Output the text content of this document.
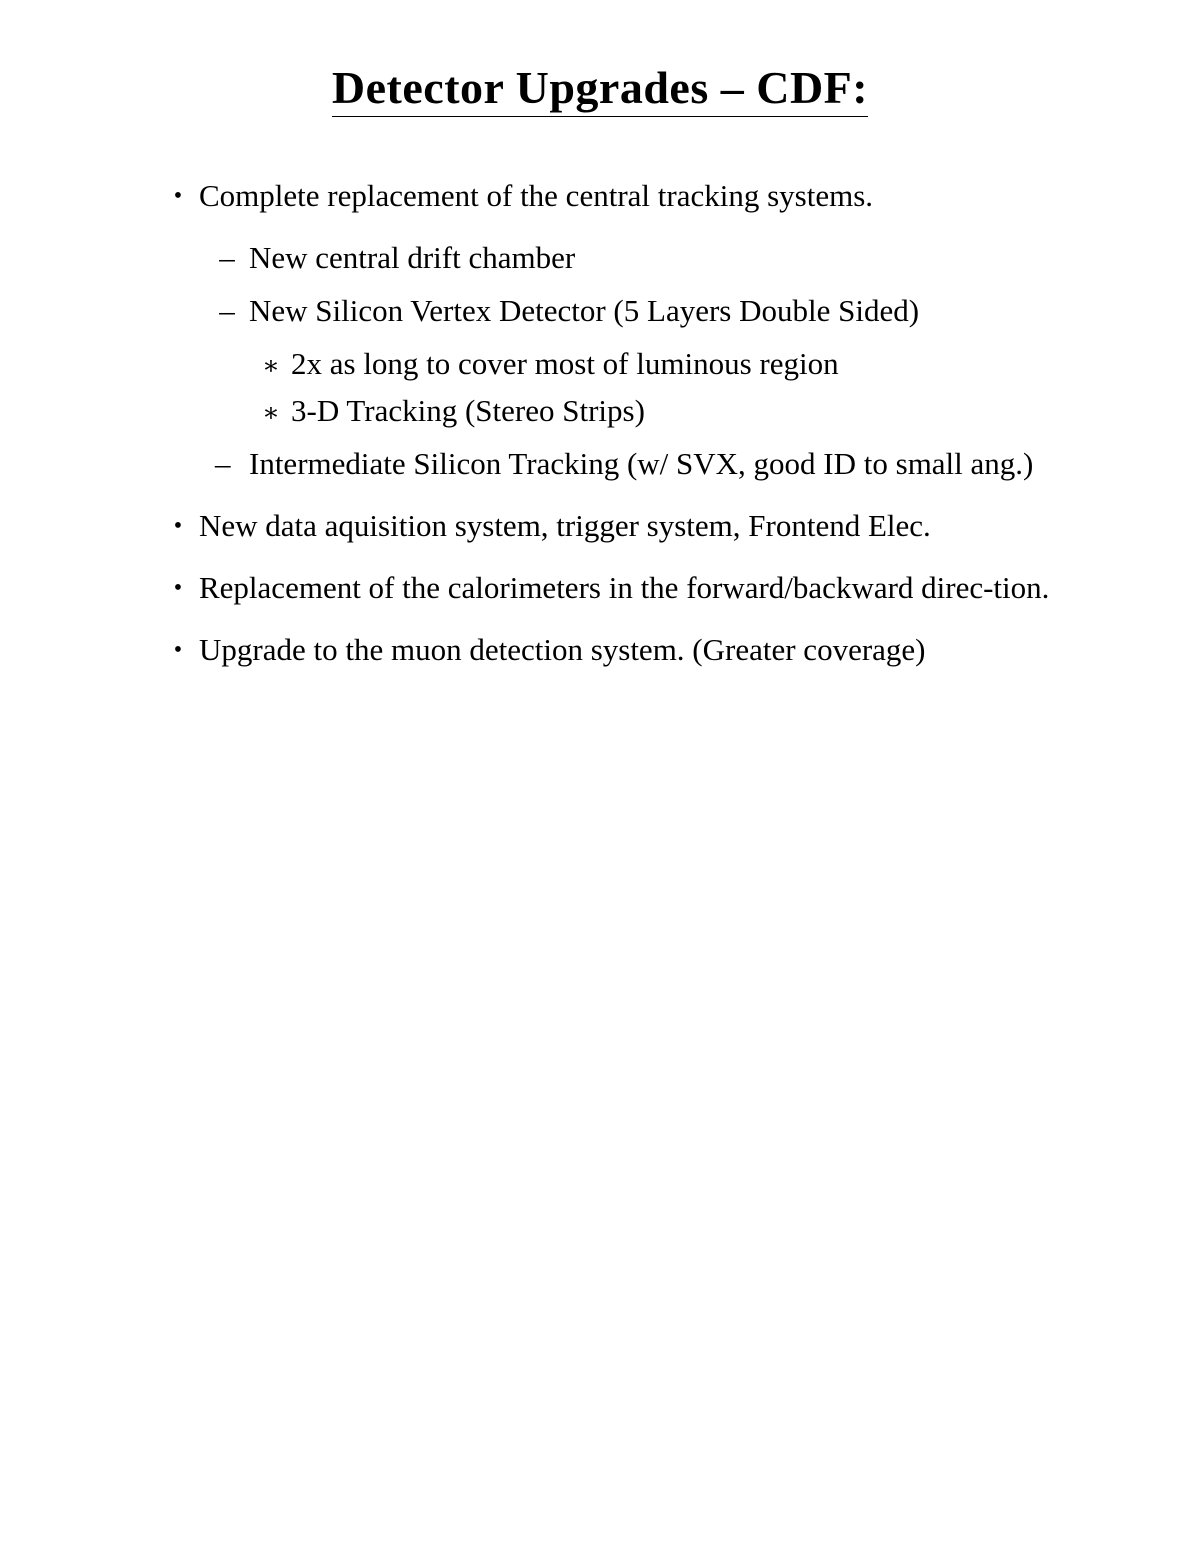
Detector Upgrades – CDF:
• Complete replacement of the central tracking systems.
– New central drift chamber
– New Silicon Vertex Detector (5 Layers Double Sided)
∗ 2x as long to cover most of luminous region
∗ 3-D Tracking (Stereo Strips)
– Intermediate Silicon Tracking (w/ SVX, good ID to small ang.)
• New data aquisition system, trigger system, Frontend Elec.
• Replacement of the calorimeters in the forward/backward direc-tion.
• Upgrade to the muon detection system. (Greater coverage)
